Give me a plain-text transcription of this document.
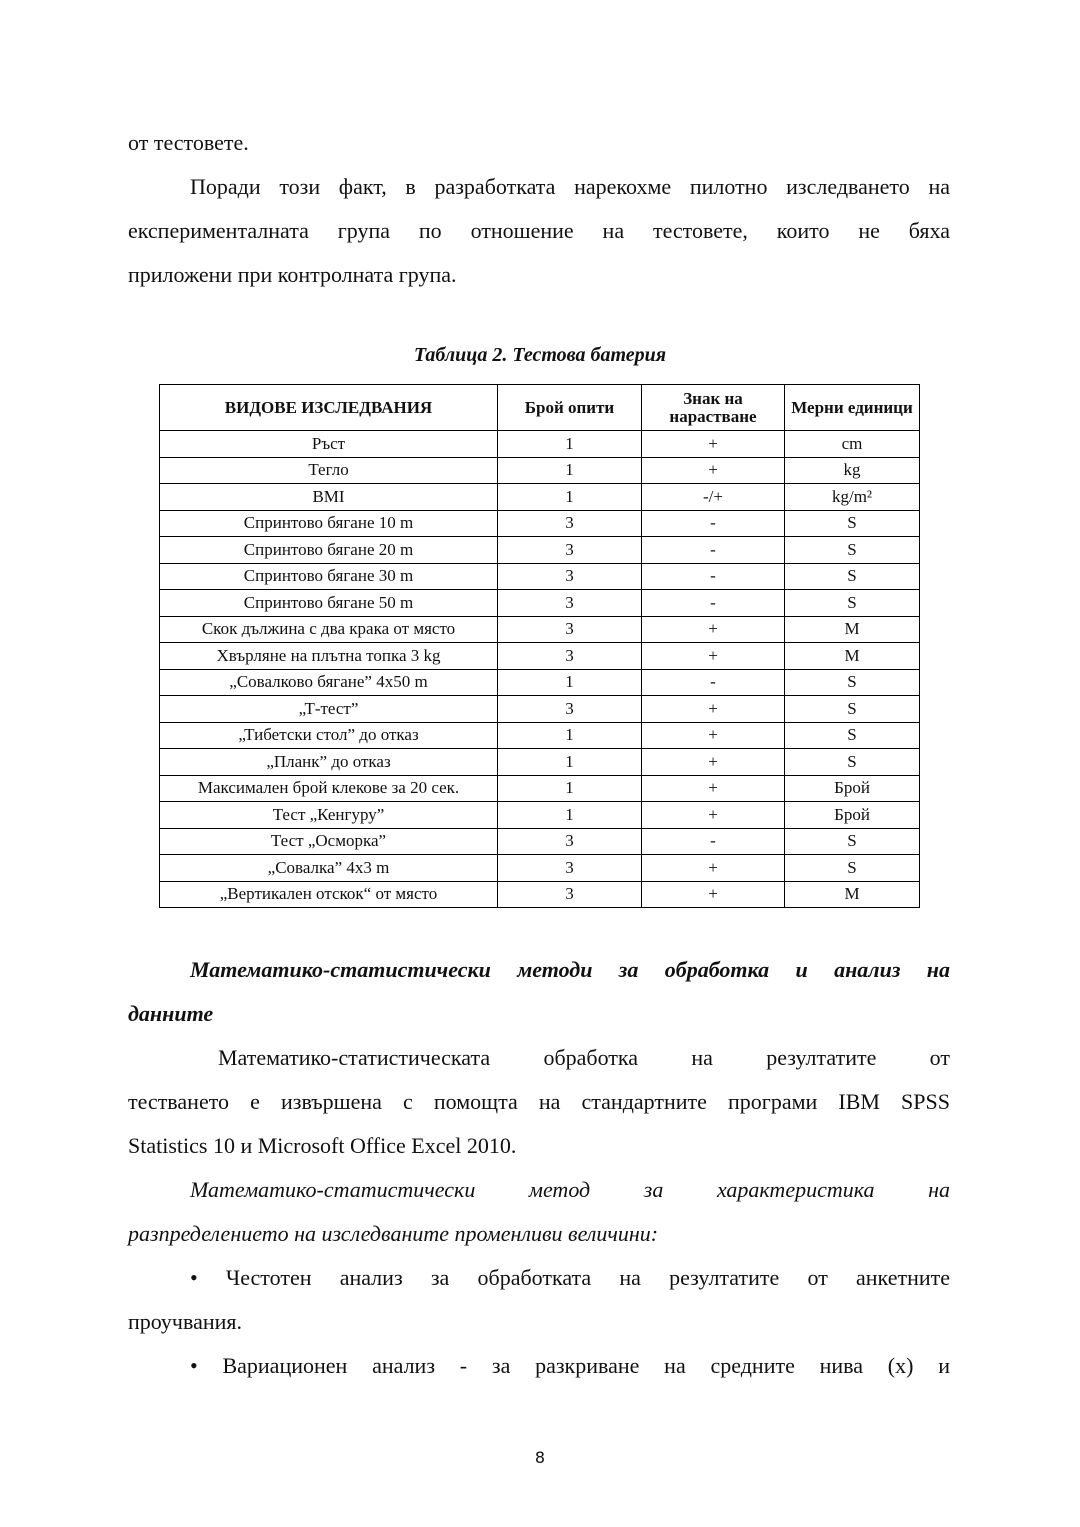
от тестовете.
Поради този факт, в разработката нарекохме пилотно изследването на
експерименталната група по отношение на тестовете, които не бяха
приложени при контролната група.
Таблица 2. Тестова батерия
ВИДОВЕ ИЗСЛЕДВАНИЯ	Брой опити	Знак на нарастване	Мерни единици
Ръст	1	+	cm
Тегло	1	+	kg
BMI	1	-/+	kg/m²
Спринтово бягане 10 m	3	-	S
Спринтово бягане 20 m	3	-	S
Спринтово бягане 30 m	3	-	S
Спринтово бягане 50 m	3	-	S
Скок дължина с два крака от място	3	+	M
Хвърляне на плътна топка 3 kg	3	+	M
„Совалково бягане” 4x50 m	1	-	S
„Т-тест”	3	+	S
„Тибетски стол” до отказ	1	+	S
„Планк” до отказ	1	+	S
Максимален брой клекове за 20 сек.	1	+	Брой
Тест „Кенгуру”	1	+	Брой
Тест „Осморка”	3	-	S
„Совалка” 4x3 m	3	+	S
„Вертикален отскок“ от място	3	+	M
Математико-статистически методи за обработка и анализ на
данните
Математико-статистическата обработка на резултатите от
тестването е извършена с помощта на стандартните програми IBM SPSS
Statistics 10 и Microsoft Office Excel 2010.
Математико-статистически метод за характеристика на
разпределението на изследваните променливи величини:
• Честотен анализ за обработката на резултатите от анкетните
проучвания.
• Вариационен анализ - за разкриване на средните нива (x) и
8
